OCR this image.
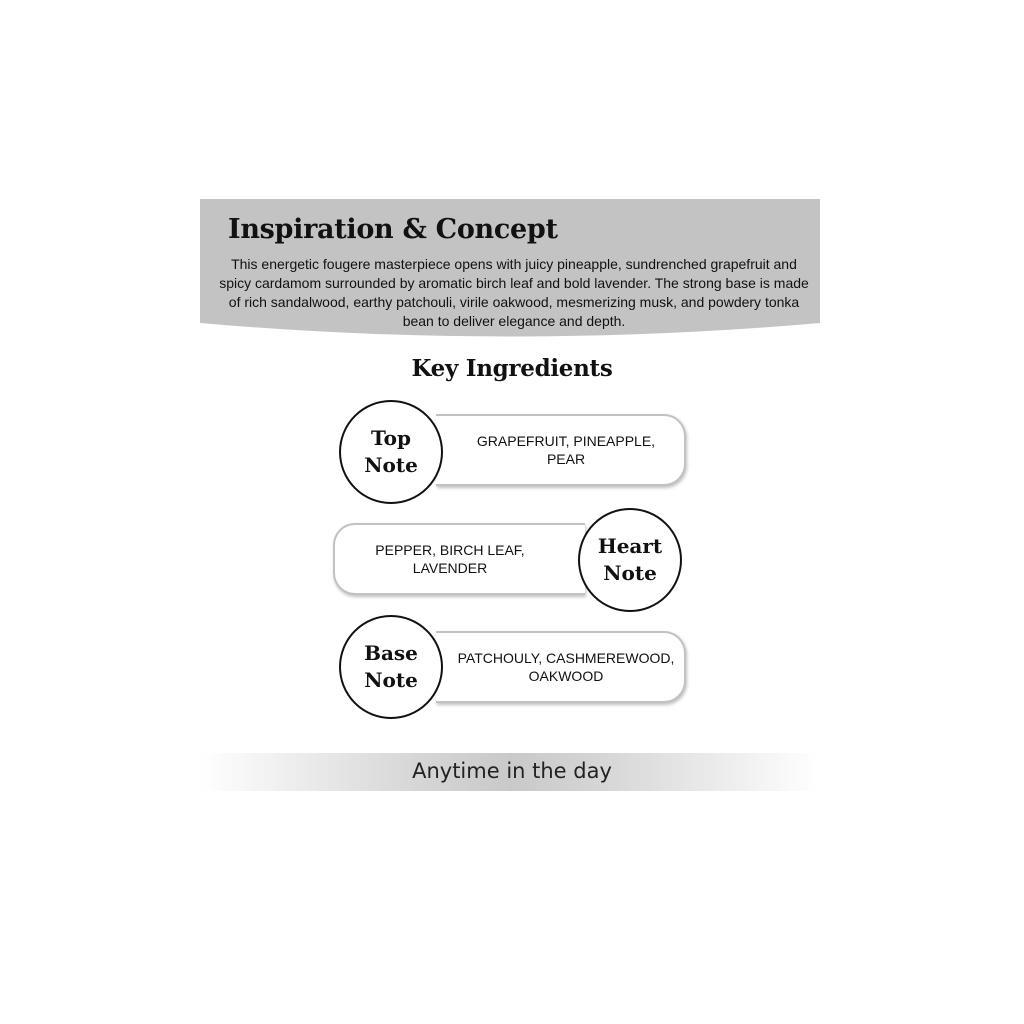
Inspiration & Concept
This energetic fougere masterpiece opens with juicy pineapple, sundrenched grapefruit and spicy cardamom surrounded by aromatic birch leaf and bold lavender. The strong base is made of rich sandalwood, earthy patchouli, virile oakwood, mesmerizing musk, and powdery tonka bean to deliver elegance and depth.
Key Ingredients
GRAPEFRUIT, PINEAPPLE, PEAR
Top
Note
PEPPER, BIRCH LEAF, LAVENDER
Heart
Note
PATCHOULY, CASHMEREWOOD, OAKWOOD
Base
Note
Anytime in the day
